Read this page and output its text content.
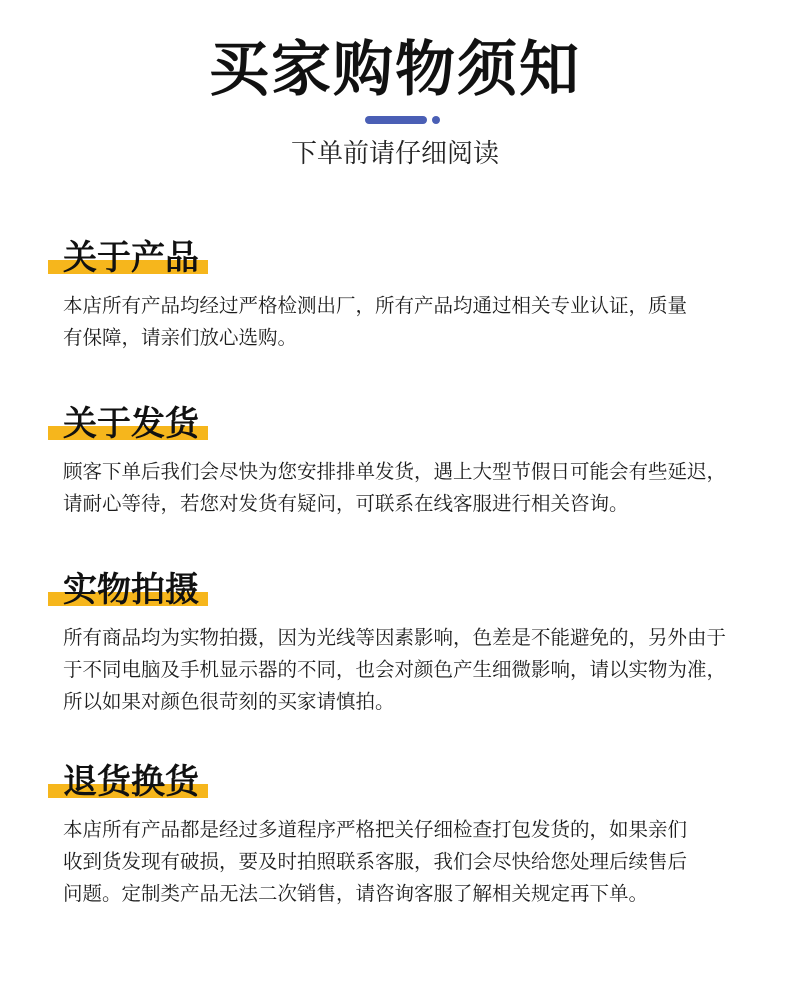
买家购物须知
下单前请仔细阅读
关于产品

本店所有产品均经过严格检测出厂，所有产品均通过相关专业认证，质量

有保障，请亲们放心选购。

关于发货

顾客下单后我们会尽快为您安排排单发货，遇上大型节假日可能会有些延迟，

请耐心等待，若您对发货有疑问，可联系在线客服进行相关咨询。

实物拍摄

所有商品均为实物拍摄，因为光线等因素影响，色差是不能避免的，另外由于

于不同电脑及手机显示器的不同，也会对颜色产生细微影响，请以实物为准，

所以如果对颜色很苛刻的买家请慎拍。

退货换货

本店所有产品都是经过多道程序严格把关仔细检查打包发货的，如果亲们

收到货发现有破损，要及时拍照联系客服，我们会尽快给您处理后续售后

问题。定制类产品无法二次销售，请咨询客服了解相关规定再下单。
